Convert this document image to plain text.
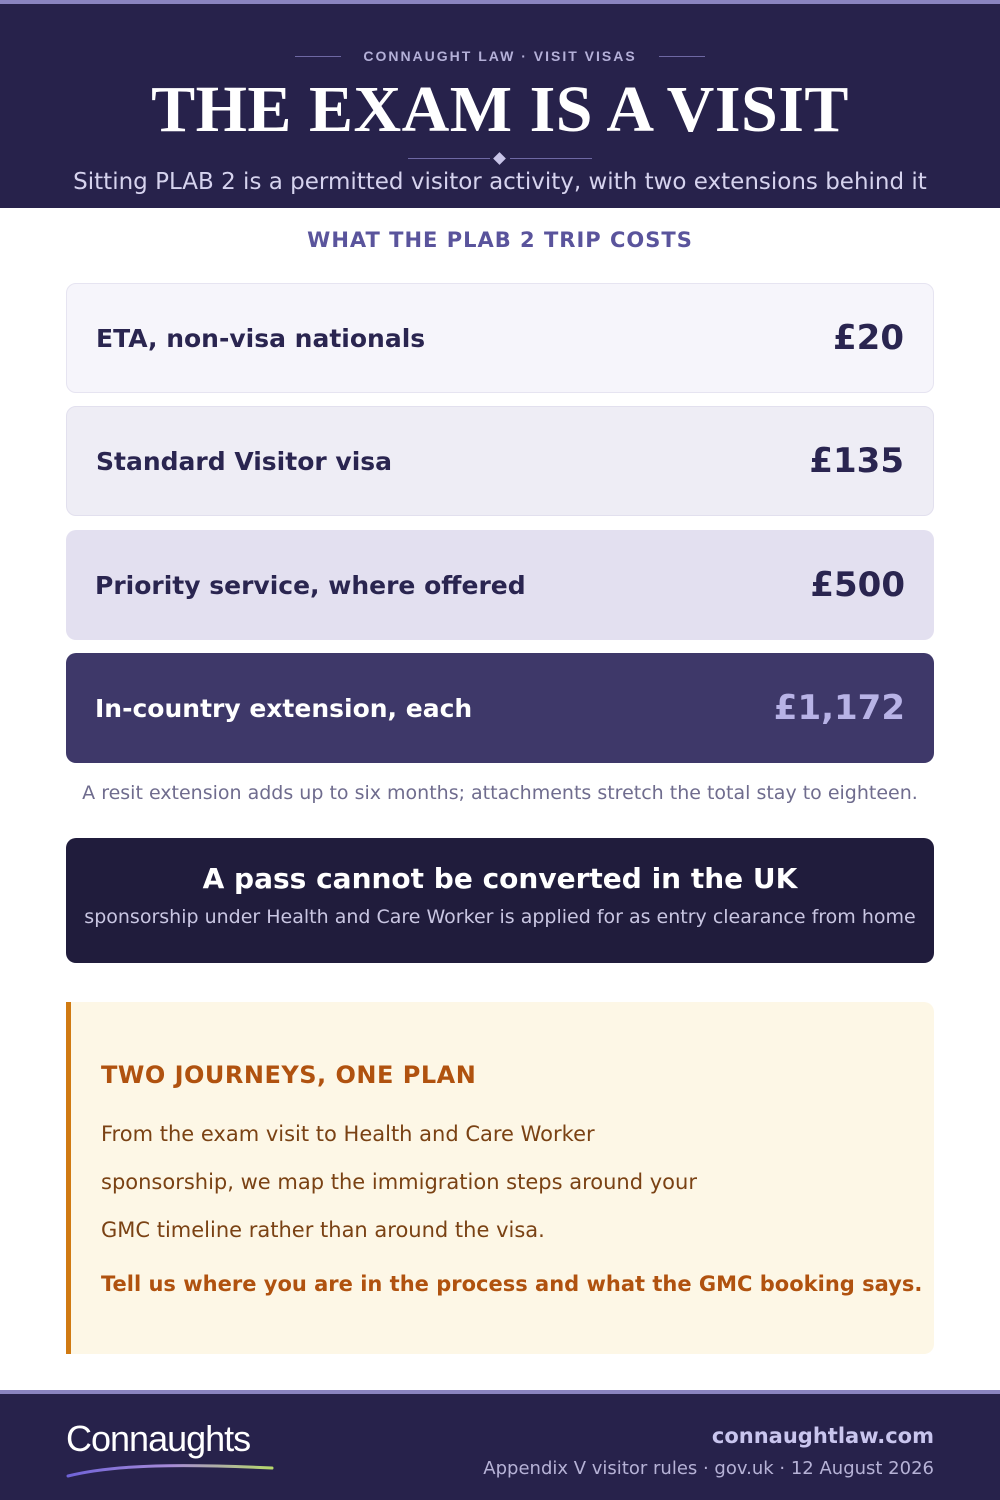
CONNAUGHT LAW · VISIT VISAS
THE EXAM IS A VISIT

Sitting PLAB 2 is a permitted visitor activity, with two extensions behind it

WHAT THE PLAB 2 TRIP COSTS
ETA, non-visa nationals	£20
Standard Visitor visa	£135
Priority service, where offered	£500
In-country extension, each	£1,172

A resit extension adds up to six months; attachments stretch the total stay to eighteen.

A pass cannot be converted in the UK
sponsorship under Health and Care Worker is applied for as entry clearance from home
TWO JOURNEYS, ONE PLAN

From the exam visit to Health and Care Worker sponsorship, we map the immigration steps around your GMC timeline rather than around the visa.

Tell us where you are in the process and what the GMC booking says.

Connaughts	connaughtlaw.com
Appendix V visitor rules · gov.uk · 12 August 2026
